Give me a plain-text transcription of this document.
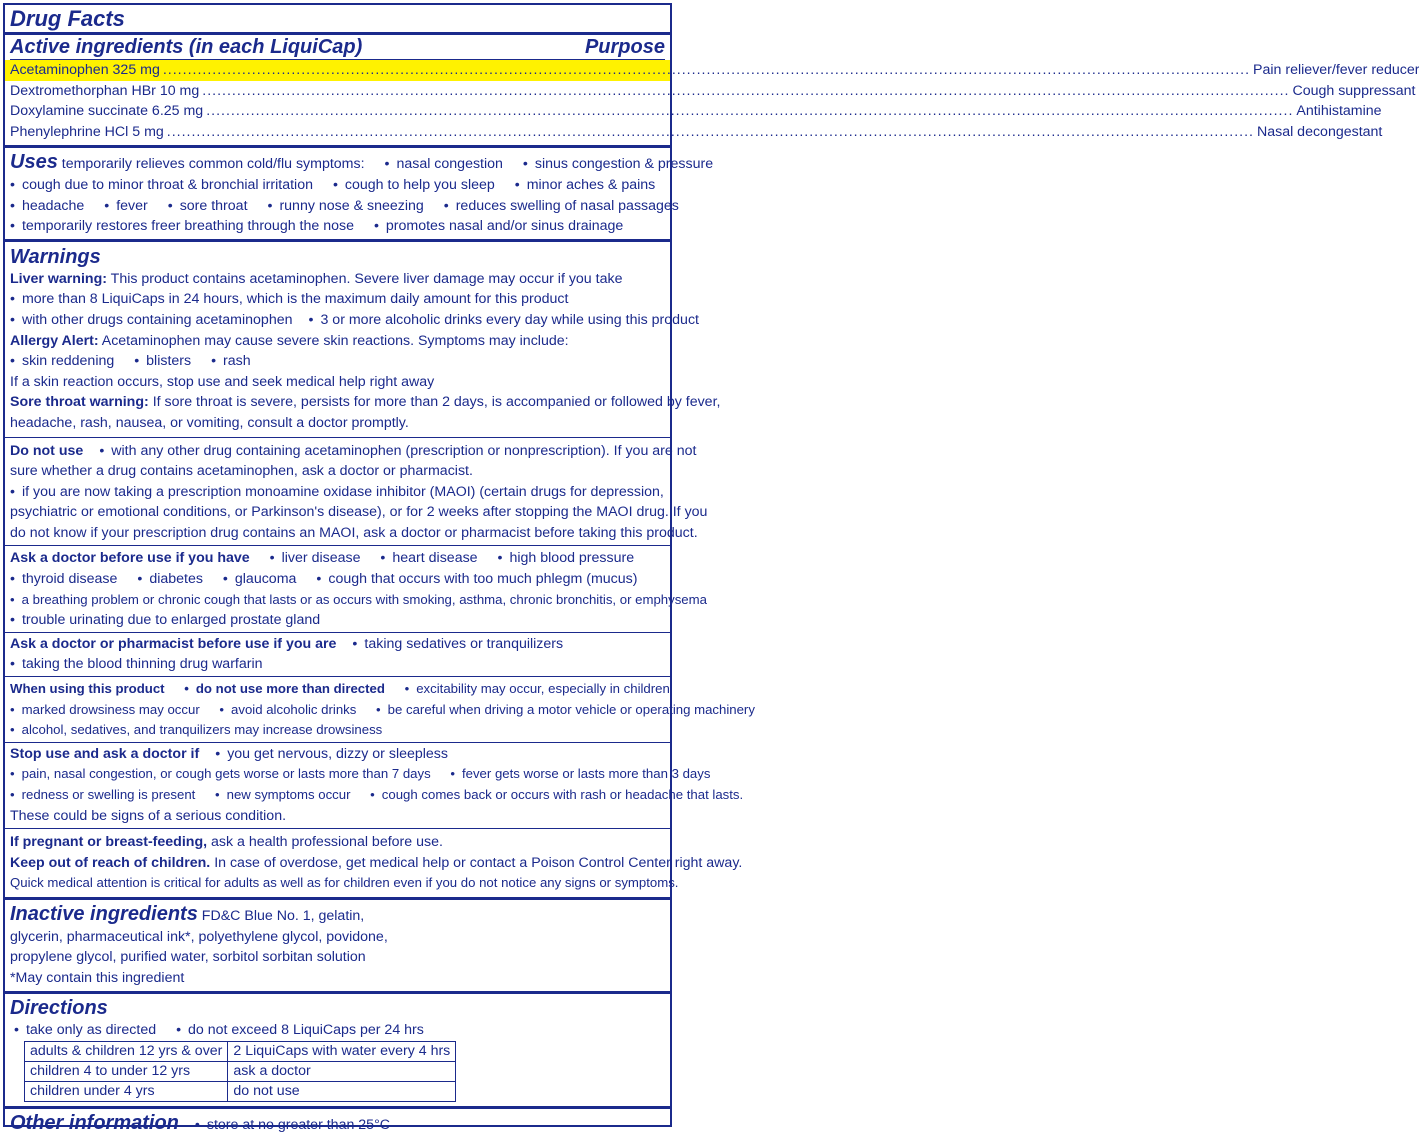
Drug Facts
Active ingredients (in each LiquiCap)	Purpose
Acetaminophen 325 mg .....	Pain reliever/fever reducer
Dextromethorphan HBr 10 mg .....	Cough suppressant
Doxylamine succinate 6.25 mg .....	Antihistamine
Phenylephrine HCl 5 mg .....	Nasal decongestant
Uses temporarily relieves common cold/flu symptoms: • nasal congestion • sinus congestion & pressure
• cough due to minor throat & bronchial irritation • cough to help you sleep • minor aches & pains
• headache • fever • sore throat • runny nose & sneezing • reduces swelling of nasal passages
• temporarily restores freer breathing through the nose • promotes nasal and/or sinus drainage
Warnings
Liver warning: This product contains acetaminophen. Severe liver damage may occur if you take
• more than 8 LiquiCaps in 24 hours, which is the maximum daily amount for this product
• with other drugs containing acetaminophen • 3 or more alcoholic drinks every day while using this product
Allergy Alert: Acetaminophen may cause severe skin reactions. Symptoms may include:
• skin reddening • blisters • rash
If a skin reaction occurs, stop use and seek medical help right away
Sore throat warning: If sore throat is severe, persists for more than 2 days, is accompanied or followed by fever,
headache, rash, nausea, or vomiting, consult a doctor promptly.
Do not use • with any other drug containing acetaminophen (prescription or nonprescription). If you are not
sure whether a drug contains acetaminophen, ask a doctor or pharmacist.
• if you are now taking a prescription monoamine oxidase inhibitor (MAOI) (certain drugs for depression,
psychiatric or emotional conditions, or Parkinson's disease), or for 2 weeks after stopping the MAOI drug. If you
do not know if your prescription drug contains an MAOI, ask a doctor or pharmacist before taking this product.
Ask a doctor before use if you have • liver disease • heart disease • high blood pressure
• thyroid disease • diabetes • glaucoma • cough that occurs with too much phlegm (mucus)
• a breathing problem or chronic cough that lasts or as occurs with smoking, asthma, chronic bronchitis, or emphysema
• trouble urinating due to enlarged prostate gland
Ask a doctor or pharmacist before use if you are • taking sedatives or tranquilizers
• taking the blood thinning drug warfarin
When using this product • do not use more than directed • excitability may occur, especially in children
• marked drowsiness may occur • avoid alcoholic drinks • be careful when driving a motor vehicle or operating machinery
• alcohol, sedatives, and tranquilizers may increase drowsiness
Stop use and ask a doctor if • you get nervous, dizzy or sleepless
• pain, nasal congestion, or cough gets worse or lasts more than 7 days • fever gets worse or lasts more than 3 days
• redness or swelling is present • new symptoms occur • cough comes back or occurs with rash or headache that lasts.
These could be signs of a serious condition.
If pregnant or breast-feeding, ask a health professional before use.
Keep out of reach of children. In case of overdose, get medical help or contact a Poison Control Center right away.
Quick medical attention is critical for adults as well as for children even if you do not notice any signs or symptoms.
Inactive ingredients FD&C Blue No. 1, gelatin,
glycerin, pharmaceutical ink*, polyethylene glycol, povidone,
propylene glycol, purified water, sorbitol sorbitan solution
*May contain this ingredient
Directions
• take only as directed • do not exceed 8 LiquiCaps per 24 hrs
adults & children 12 yrs & over	2 LiquiCaps with water every 4 hrs
children 4 to under 12 yrs	ask a doctor
children under 4 yrs	do not use
Other information • store at no greater than 25°C
